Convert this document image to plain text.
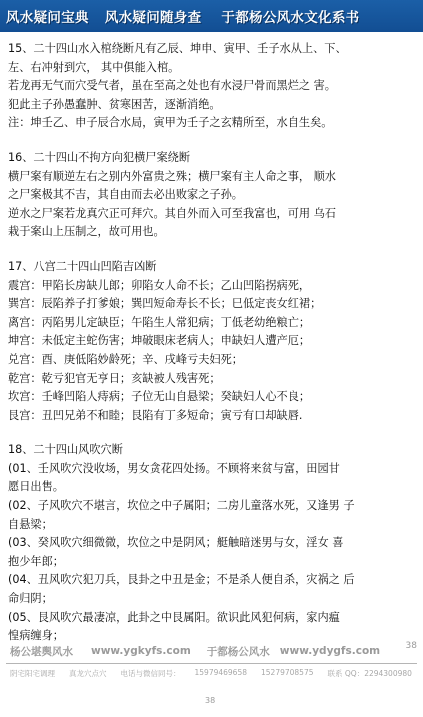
风水疑问宝典 风水疑问随身查 于都杨公风水文化系书
15、二十四山水入棺绕断凡有乙辰、坤申、寅甲、壬子水从上、下、
左、右冲射到穴， 其中俱能入棺。
若龙再无气而穴受气者，虽在至高之处也有水浸尸骨而黑烂之 害。
犯此主子孙愚蠢肿、贫寒困苦，逐渐消绝。
注：坤壬乙、申子辰合水局，寅甲为壬子之玄精所至，水自生矣。
16、二十四山不拘方向犯横尸案绕断
横尸案有顺逆左右之别内外富贵之殊；横尸案有主人命之事， 顺水
之尸案极其不吉，其自由而去必出败家之子孙。
逆水之尸案若龙真穴正可拜穴。其自外而入可至我富也，可用 乌石
栽于案山上压制之，故可用也。
17、八宫二十四山凹陷吉凶断
震宫：甲陷长房缺儿郎；卯陷女人命不长；乙山凹陷拐病死，
巽宫：辰陷养子打爹娘；巽凹短命寿长不长；巳低定丧女红裙；
离宫：丙陷男儿定缺臣；午陷生人常犯病；丁低老幼绝粮亡；
坤宫：未低定主蛇伤害；坤破眼床老病人；申缺妇人遭产厄；
兑宫：酉、庚低陷妙龄死；辛、戌峰亏夫妇死；
乾宫：乾亏犯官无亨日；亥缺被人残害死；
坎宫：壬峰凹陷人痔病；子位无山自悬梁；癸缺妇人心不良；
艮宫：丑凹兄弟不和睦；艮陷有丁多短命；寅亏有口却缺唇.
18、二十四山风吹穴断
(01、壬风吹穴没收场，男女贪花四处扬。不顾将来贫与富，田园甘
愿日出售。
(02、子风吹穴不堪言，坎位之中子属阳；二房儿童落水死，又逢男 子
自悬梁；
(03、癸风吹穴细微微，坎位之中是阴风；艇触暗迷男与女，淫女 喜
抱少年郎；
(04、丑风吹穴犯刀兵，艮卦之中丑是金；不是杀人便自杀，灾祸之 后
命归阴；
(05、艮风吹穴最凄凉，此卦之中艮属阳。欲识此风犯何病，家内瘟
惶病缠身；
杨公堪舆风水 www.ygkyfs.com 于都杨公风水 www.ydygfs.com	38
阴宅阳宅调理 真龙穴点穴 电话与微信同号： 15979469658 15279708575 联系 QQ：2294300980
38
